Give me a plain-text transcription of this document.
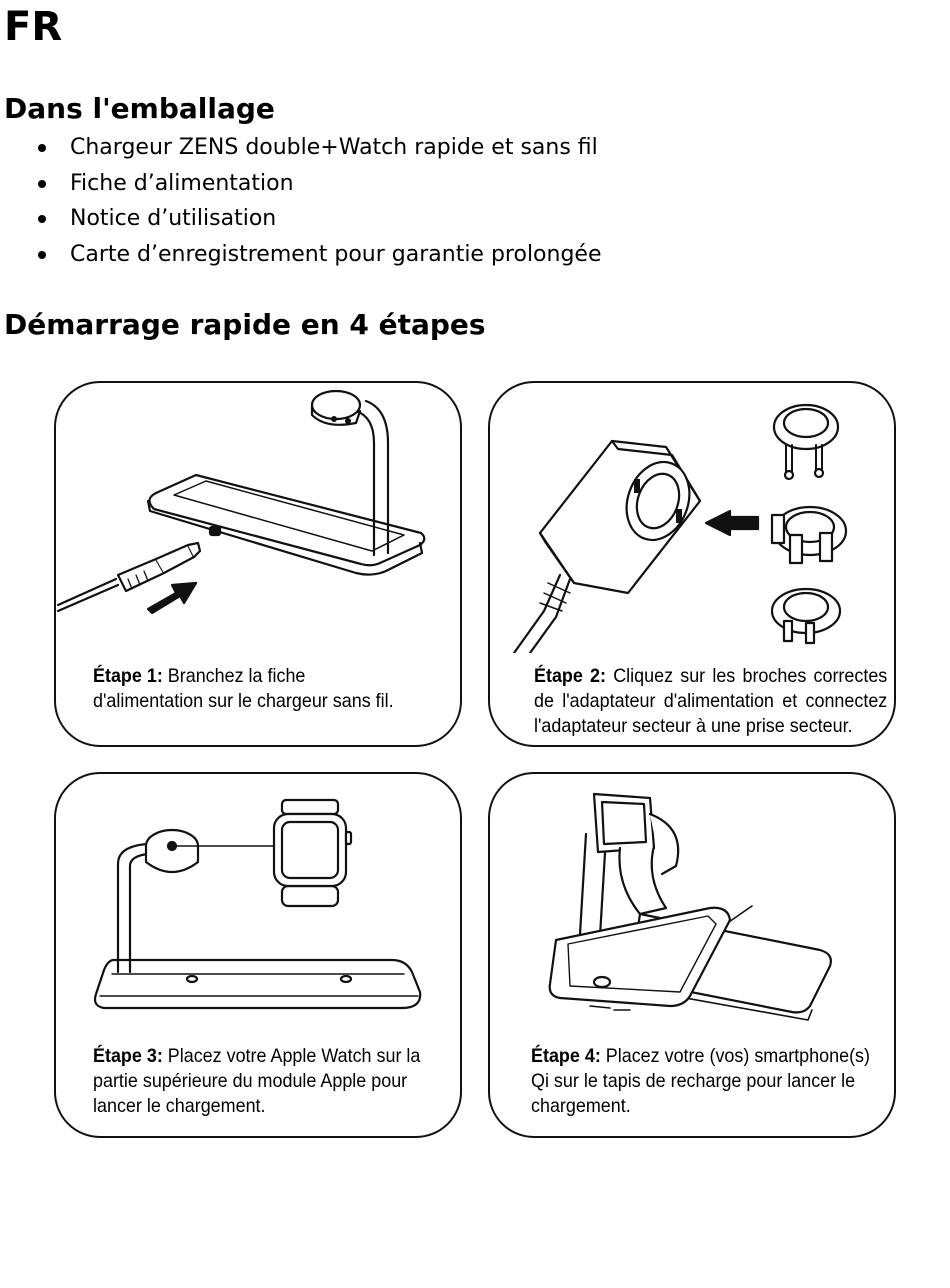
FR
Dans l'emballage
Chargeur ZENS double+Watch rapide et sans fil
Fiche d’alimentation
Notice d’utilisation
Carte d’enregistrement pour garantie prolongée
Démarrage rapide en 4 étapes
Étape 1: Branchez la fiche d'alimentation sur le chargeur sans fil.
Étape 2: Cliquez sur les broches correctes de l'adaptateur d'alimentation et connectez l'adaptateur secteur à une prise secteur.
Étape 3: Placez votre Apple Watch sur la partie supérieure du module Apple pour lancer le chargement.
Étape 4: Placez votre (vos) smartphone(s) Qi sur le tapis de recharge pour lancer le chargement.
